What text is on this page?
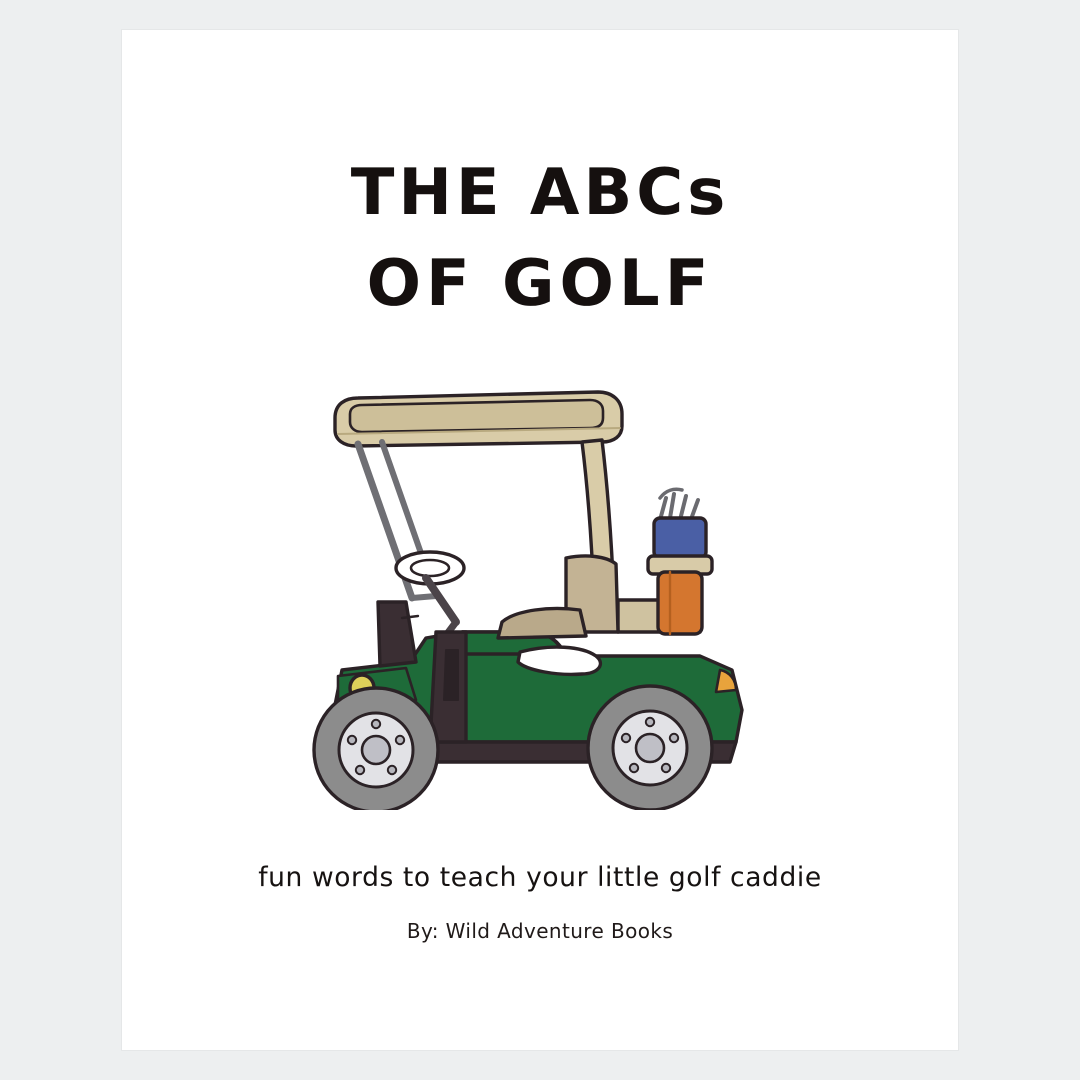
THE ABCs
OF GOLF
fun words to teach your little golf caddie
By: Wild Adventure Books
